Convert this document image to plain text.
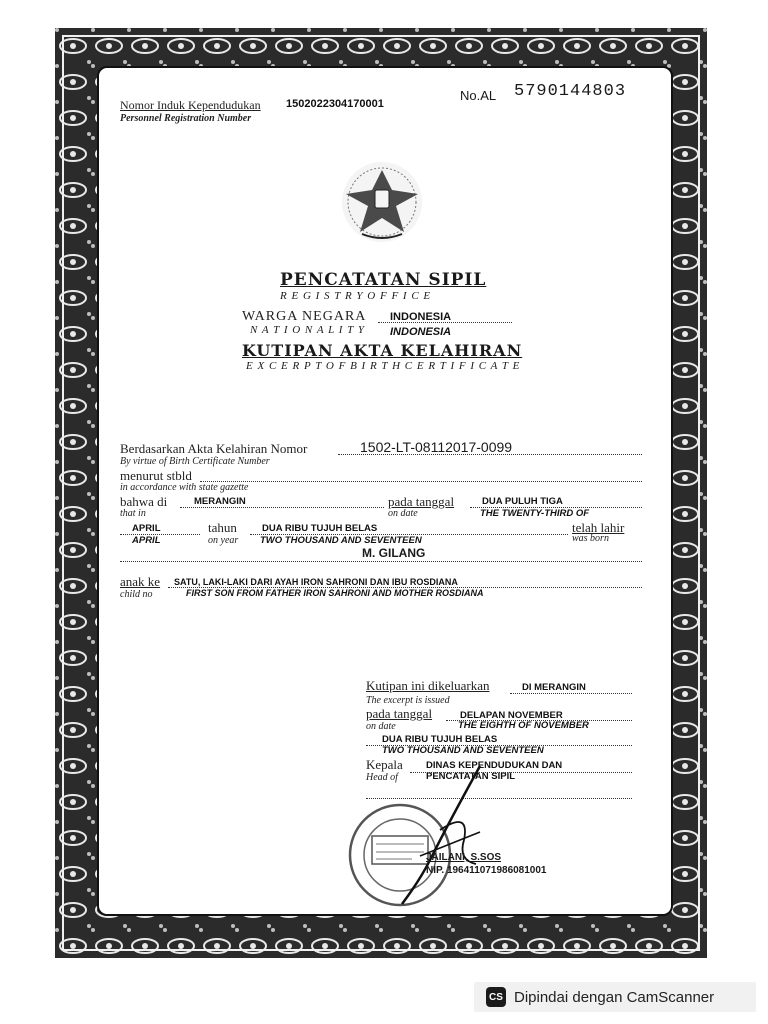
Nomor Induk Kependudukan
Personnel Registration Number
1502022304170001
No.AL 5790144803
PENCATATAN SIPIL
R E G I S T R Y O F F I C E
WARGA NEGARA
N A T I O N A L I T Y
INDONESIA
INDONESIA
KUTIPAN AKTA KELAHIRAN
E X C E R P T O F B I R T H C E R T I F I C A T E
Berdasarkan Akta Kelahiran Nomor
By virtue of Birth Certificate Number
1502-LT-08112017-0099
menurut stbld
in accordance with state gazette
bahwa di
that in
MERANGIN	pada tanggal
on date
DUA PULUH TIGA
THE TWENTY-THIRD OF
APRIL
APRIL
tahun
on year
DUA RIBU TUJUH BELAS
TWO THOUSAND AND SEVENTEEN
telah lahir
was born
M. GILANG
anak ke
child no
SATU, LAKI-LAKI DARI AYAH IRON SAHRONI DAN IBU ROSDIANA
FIRST SON FROM FATHER IRON SAHRONI AND MOTHER ROSDIANA
Kutipan ini dikeluarkan
The excerpt is issued
DI MERANGIN
pada tanggal
on date
DELAPAN NOVEMBER
THE EIGHTH OF NOVEMBER
DUA RIBU TUJUH BELAS
TWO THOUSAND AND SEVENTEEN
Kepala
Head of
DINAS KEPENDUDUKAN DAN
PENCATATAN SIPIL
JAILANI, S.SOS
NIP. 196411071986081001
CS Dipindai dengan CamScanner
